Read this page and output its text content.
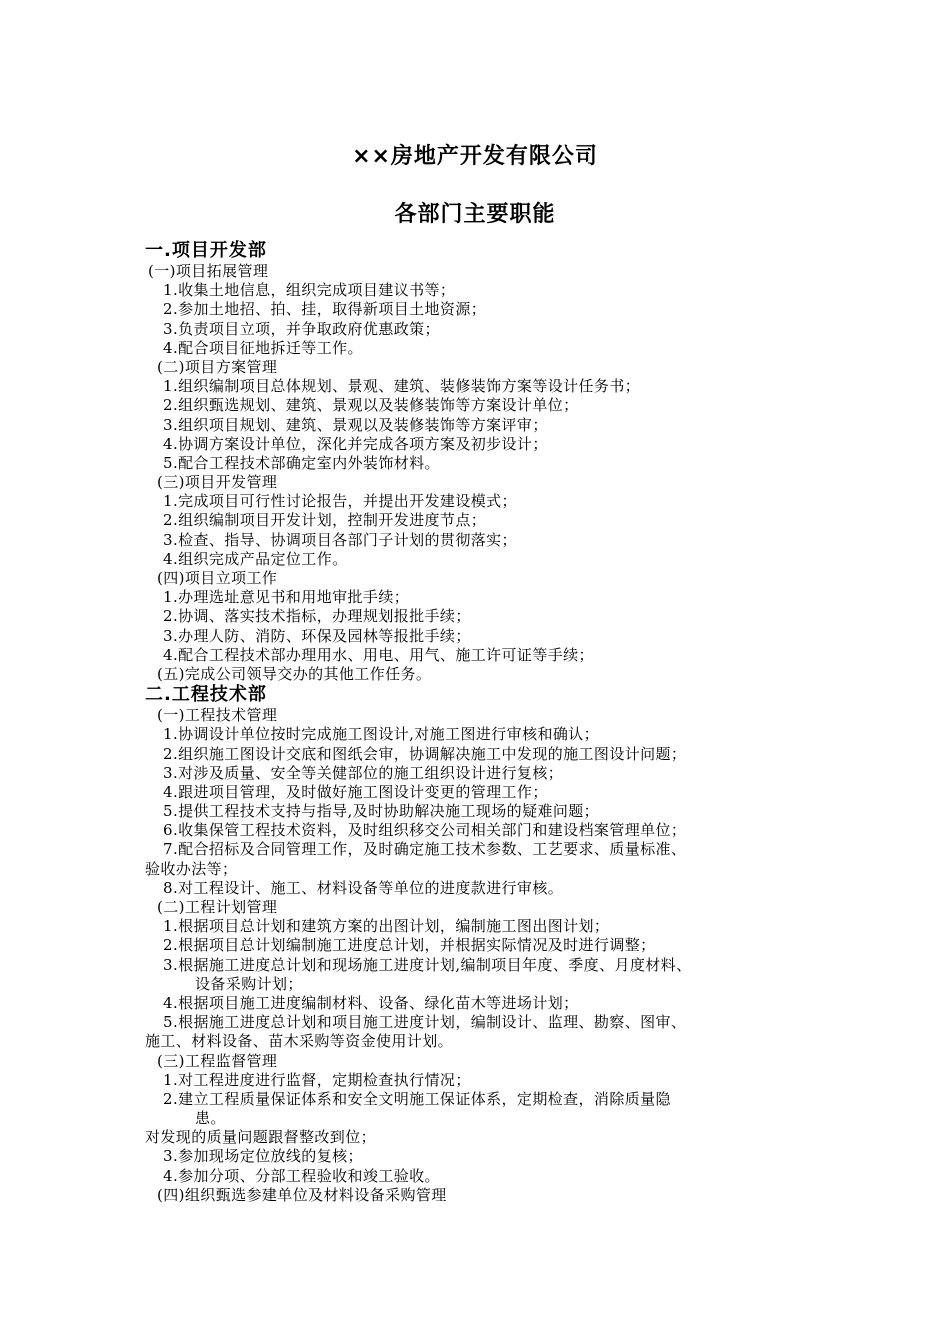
××房地产开发有限公司
各部门主要职能
一.项目开发部
(一)项目拓展管理
1.收集土地信息，组织完成项目建议书等；
2.参加土地招、拍、挂，取得新项目土地资源；
3.负责项目立项，并争取政府优惠政策；
4.配合项目征地拆迁等工作。
(二)项目方案管理
1.组织编制项目总体规划、景观、建筑、装修装饰方案等设计任务书；
2.组织甄选规划、建筑、景观以及装修装饰等方案设计单位；
3.组织项目规划、建筑、景观以及装修装饰等方案评审；
4.协调方案设计单位，深化并完成各项方案及初步设计；
5.配合工程技术部确定室内外装饰材料。
(三)项目开发管理
1.完成项目可行性讨论报告，并提出开发建设模式；
2.组织编制项目开发计划，控制开发进度节点；
3.检查、指导、协调项目各部门子计划的贯彻落实；
4.组织完成产品定位工作。
(四)项目立项工作
1.办理选址意见书和用地审批手续；
2.协调、落实技术指标，办理规划报批手续；
3.办理人防、消防、环保及园林等报批手续；
4.配合工程技术部办理用水、用电、用气、施工许可证等手续；
(五)完成公司领导交办的其他工作任务。
二.工程技术部
(一)工程技术管理
1.协调设计单位按时完成施工图设计,对施工图进行审核和确认；
2.组织施工图设计交底和图纸会审，协调解决施工中发现的施工图设计问题；
3.对涉及质量、安全等关健部位的施工组织设计进行复核；
4.跟进项目管理，及时做好施工图设计变更的管理工作；
5.提供工程技术支持与指导,及时协助解决施工现场的疑难问题；
6.收集保管工程技术资料，及时组织移交公司相关部门和建设档案管理单位；
7.配合招标及合同管理工作，及时确定施工技术参数、工艺要求、质量标准、
验收办法等；
8.对工程设计、施工、材料设备等单位的进度款进行审核。
(二)工程计划管理
1.根据项目总计划和建筑方案的出图计划，编制施工图出图计划；
2.根据项目总计划编制施工进度总计划，并根据实际情况及时进行调整；
3.根据施工进度总计划和现场施工进度计划,编制项目年度、季度、月度材料、
设备采购计划；
4.根据项目施工进度编制材料、设备、绿化苗木等进场计划；
5.根据施工进度总计划和项目施工进度计划，编制设计、监理、勘察、图审、
施工、材料设备、苗木采购等资金使用计划。
(三)工程监督管理
1.对工程进度进行监督，定期检查执行情况；
2.建立工程质量保证体系和安全文明施工保证体系，定期检查，消除质量隐
患。
对发现的质量问题跟督整改到位；
3.参加现场定位放线的复核；
4.参加分项、分部工程验收和竣工验收。
(四)组织甄选参建单位及材料设备采购管理
